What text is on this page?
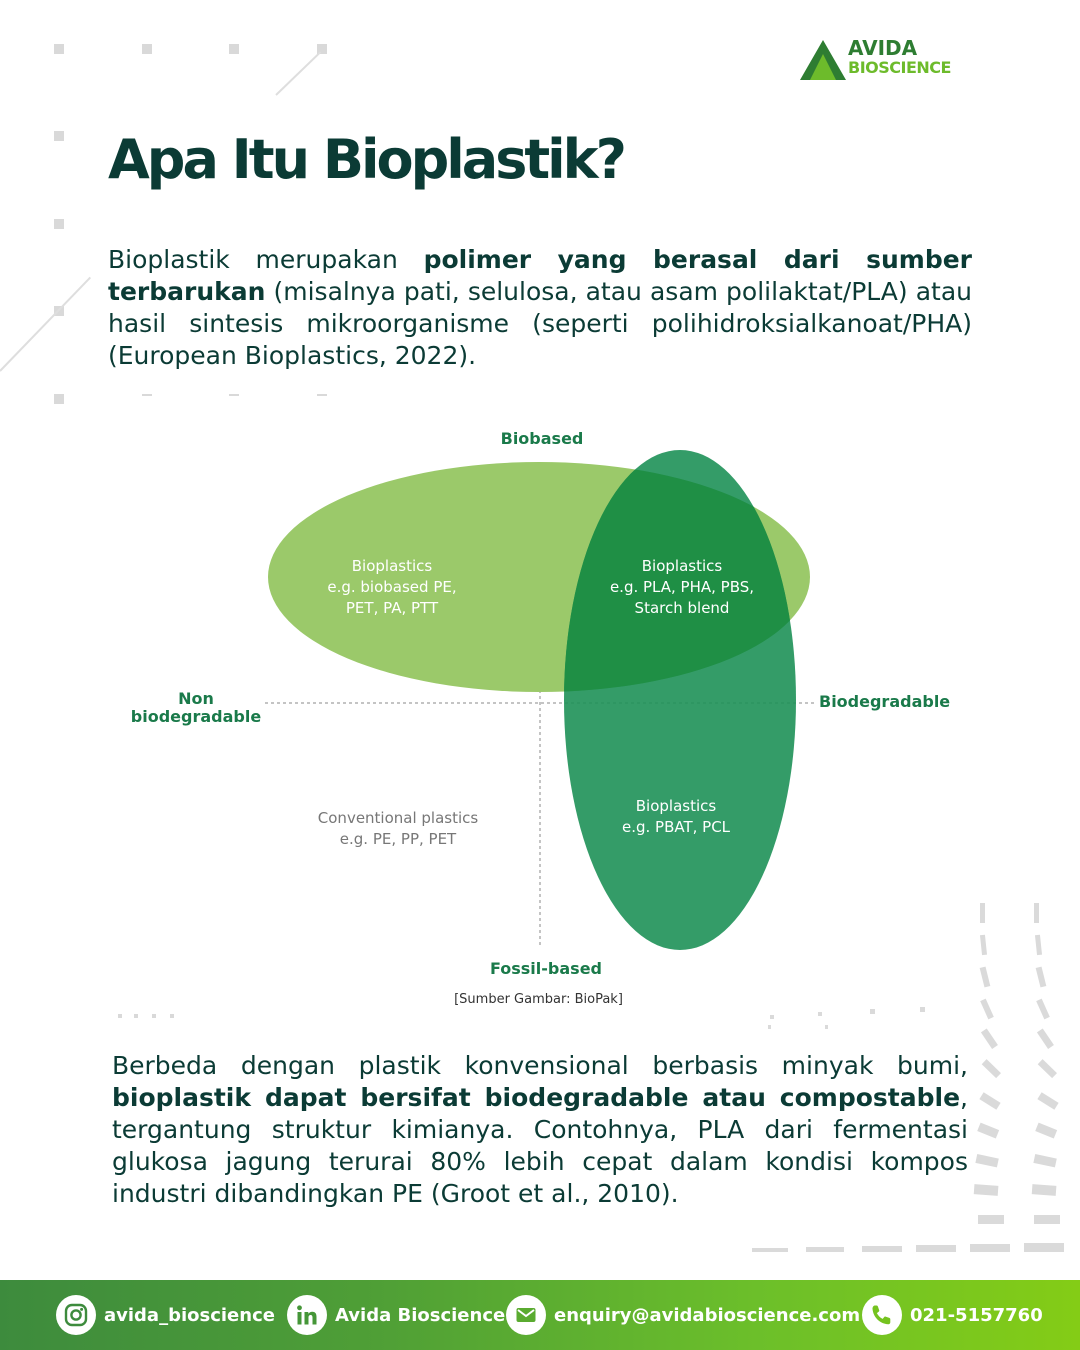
AVIDA
BIOSCIENCE
Apa Itu Bioplastik?

Bioplastik merupakan polimer yang berasal dari sumber terbarukan (misalnya pati, selulosa, atau asam polilaktat/PLA) atau hasil sintesis mikroorganisme (seperti polihidroksialkanoat/PHA) (European Bioplastics, 2022).

Biobased
Fossil-based
Non
biodegradable
Biodegradable
Bioplastics
e.g. biobased PE,
PET, PA, PTT
Bioplastics
e.g. PLA, PHA, PBS,
Starch blend
Bioplastics
e.g. PBAT, PCL
Conventional plastics
e.g. PE, PP, PET
[Sumber Gambar: BioPak]

Berbeda dengan plastik konvensional berbasis minyak bumi, bioplastik dapat bersifat biodegradable atau compostable, tergantung struktur kimianya. Contohnya, PLA dari fermentasi glukosa jagung terurai 80% lebih cepat dalam kondisi kompos industri dibandingkan PE (Groot et al., 2010).

avida_bioscience	Avida Bioscience	enquiry@avidabioscience.com	021-5157760
